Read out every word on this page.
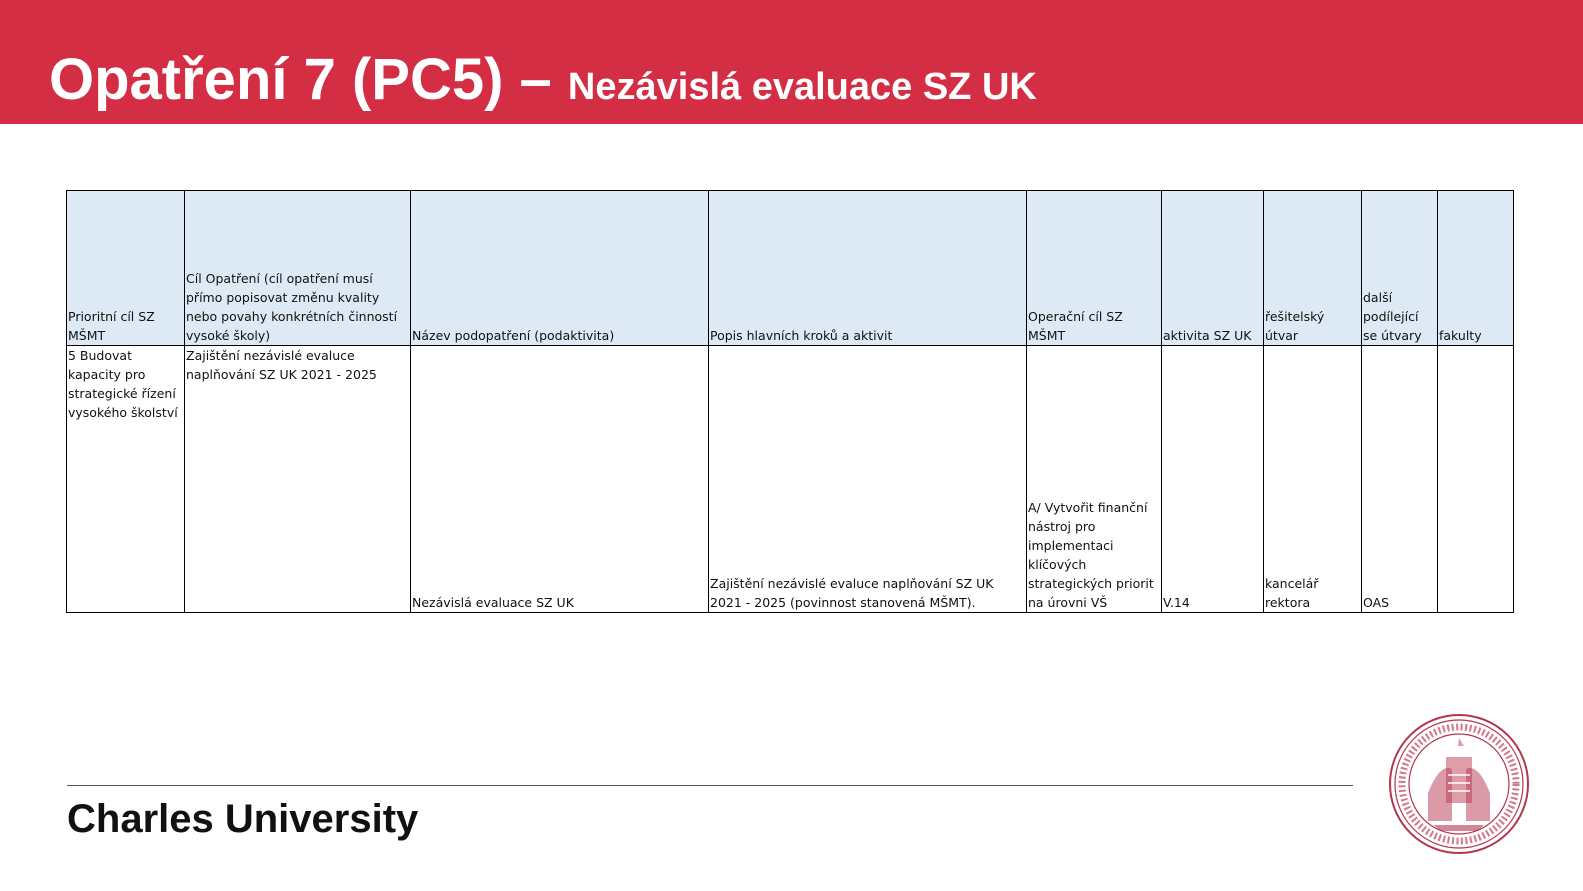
Opatření 7 (PC5) – Nezávislá evaluace SZ UK
Prioritní cíl SZ MŠMT	Cíl Opatření (cíl opatření musí přímo popisovat změnu kvality nebo povahy konkrétních činností vysoké školy)	Název podopatření (podaktivita)	Popis hlavních kroků a aktivit	Operační cíl SZ MŠMT	aktivita SZ UK	řešitelský útvar	další podílející se útvary	fakulty
5 Budovat kapacity pro strategické řízení vysokého školství	Zajištění nezávislé evaluce naplňování SZ UK 2021 - 2025	Nezávislá evaluace SZ UK	Zajištění nezávislé evaluce naplňování SZ UK 2021 - 2025 (povinnost stanovená MŠMT).	A/ Vytvořit finanční nástroj pro implementaci klíčových strategických priorit na úrovni VŠ	V.14	kancelář rektora	OAS	

Charles University
